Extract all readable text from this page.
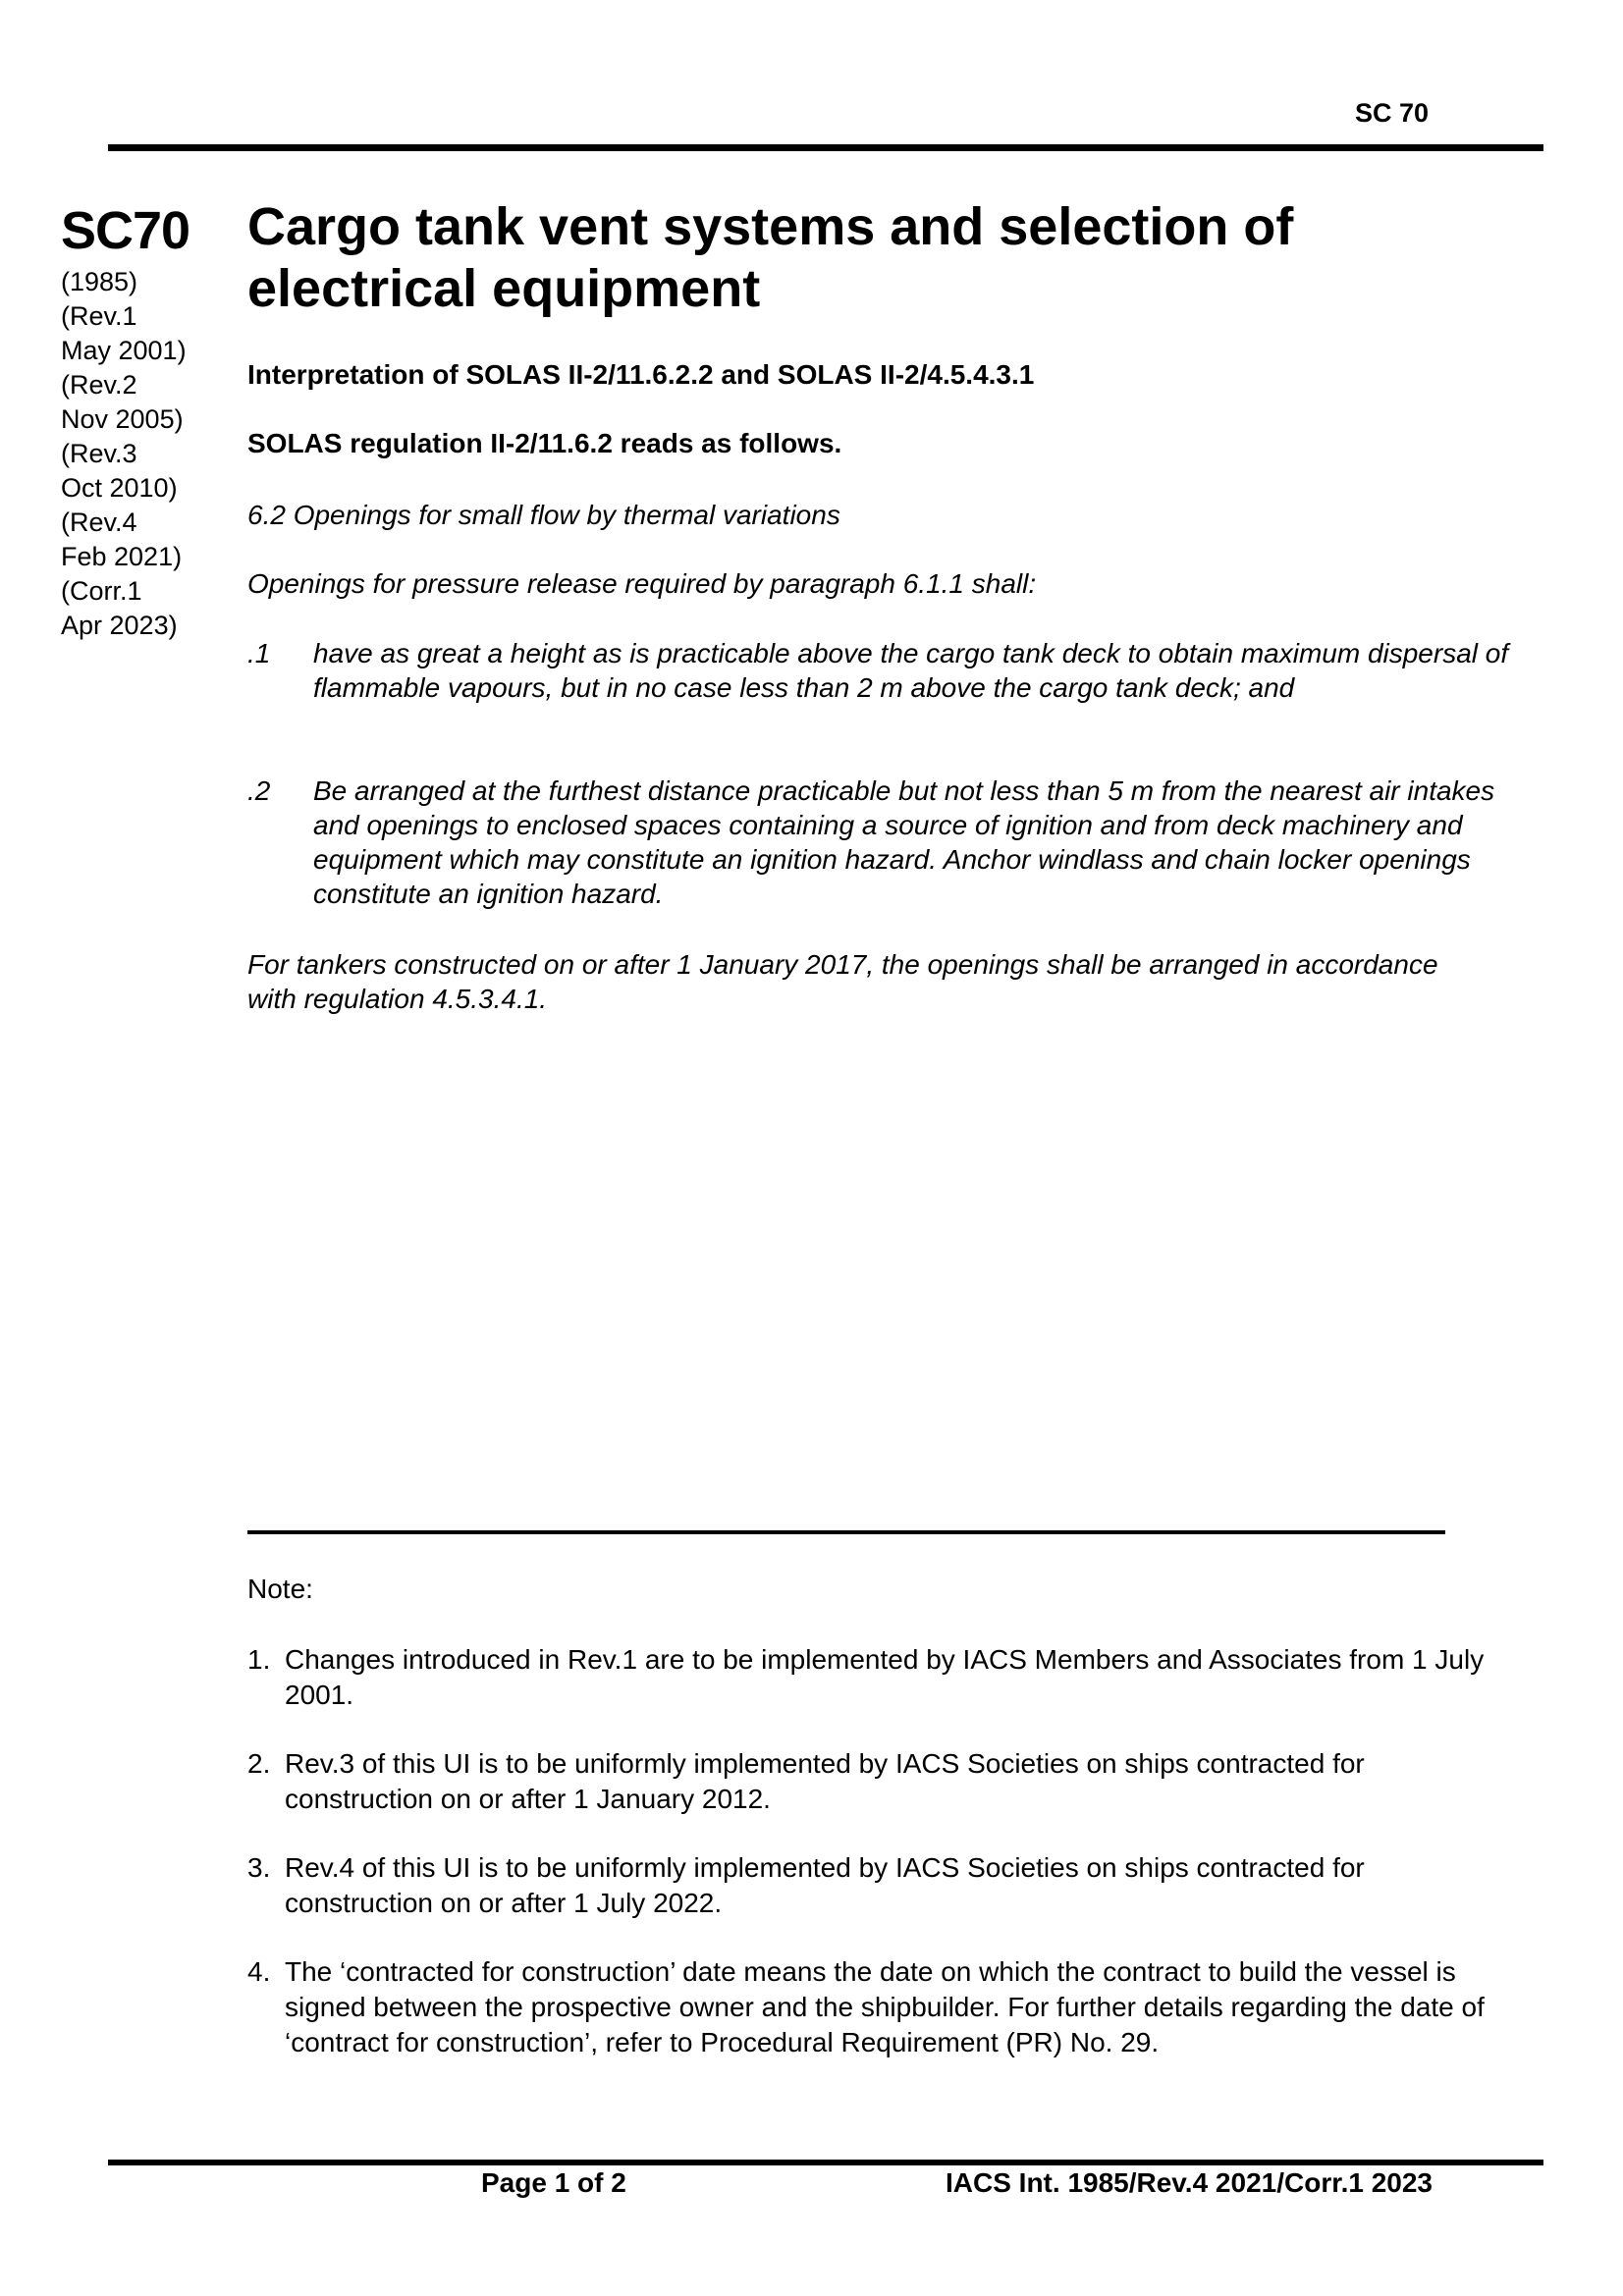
SC 70
SC70
(1985)
(Rev.1
May 2001)
(Rev.2
Nov 2005)
(Rev.3
Oct 2010)
(Rev.4
Feb 2021)
(Corr.1
Apr 2023)
Cargo tank vent systems and selection of electrical equipment
Interpretation of SOLAS II-2/11.6.2.2 and SOLAS II-2/4.5.4.3.1
SOLAS regulation II-2/11.6.2 reads as follows.
6.2 Openings for small flow by thermal variations
Openings for pressure release required by paragraph 6.1.1 shall:
.1 have as great a height as is practicable above the cargo tank deck to obtain maximum dispersal of flammable vapours, but in no case less than 2 m above the cargo tank deck; and
.2 Be arranged at the furthest distance practicable but not less than 5 m from the nearest air intakes and openings to enclosed spaces containing a source of ignition and from deck machinery and equipment which may constitute an ignition hazard. Anchor windlass and chain locker openings constitute an ignition hazard.
For tankers constructed on or after 1 January 2017, the openings shall be arranged in accordance with regulation 4.5.3.4.1.
Note:
1. Changes introduced in Rev.1 are to be implemented by IACS Members and Associates from 1 July 2001.
2. Rev.3 of this UI is to be uniformly implemented by IACS Societies on ships contracted for construction on or after 1 January 2012.
3. Rev.4 of this UI is to be uniformly implemented by IACS Societies on ships contracted for construction on or after 1 July 2022.
4. The ‘contracted for construction’ date means the date on which the contract to build the vessel is signed between the prospective owner and the shipbuilder. For further details regarding the date of ‘contract for construction’, refer to Procedural Requirement (PR) No. 29.
Page 1 of 2	IACS Int. 1985/Rev.4 2021/Corr.1 2023
